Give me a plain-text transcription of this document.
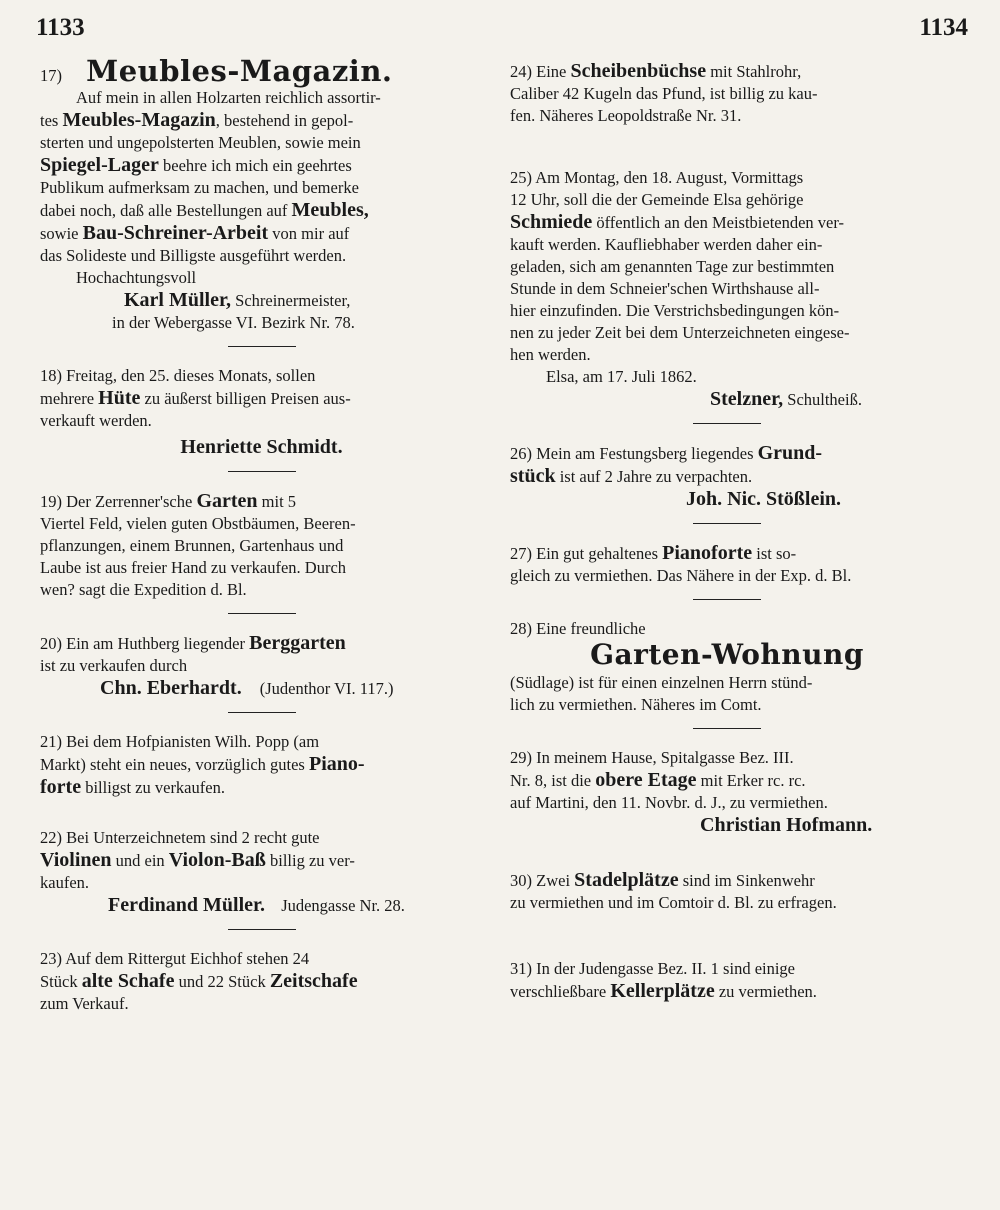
1133	1134
17) Meubles-Magazin.
Auf mein in allen Holzarten reichlich assortir-
tes Meubles-Magazin, bestehend in gepol-
sterten und ungepolsterten Meublen, sowie mein
Spiegel-Lager beehre ich mich ein geehrtes
Publikum aufmerksam zu machen, und bemerke
dabei noch, daß alle Bestellungen auf Meubles,
sowie Bau-Schreiner-Arbeit von mir auf
das Solideste und Billigste ausgeführt werden.
Hochachtungsvoll
Karl Müller, Schreinermeister,
in der Webergasse VI. Bezirk Nr. 78.
18) Freitag, den 25. dieses Monats, sollen
mehrere Hüte zu äußerst billigen Preisen aus-
verkauft werden.
Henriette Schmidt.
19) Der Zerrenner'sche Garten mit 5
Viertel Feld, vielen guten Obstbäumen, Beeren-
pflanzungen, einem Brunnen, Gartenhaus und
Laube ist aus freier Hand zu verkaufen. Durch
wen? sagt die Expedition d. Bl.
20) Ein am Huthberg liegender Berggarten
ist zu verkaufen durch
Chn. Eberhardt. (Judenthor VI. 117.)
21) Bei dem Hofpianisten Wilh. Popp (am
Markt) steht ein neues, vorzüglich gutes Piano-
forte billigst zu verkaufen.
22) Bei Unterzeichnetem sind 2 recht gute
Violinen und ein Violon-Baß billig zu ver-
kaufen.
Ferdinand Müller. Judengasse Nr. 28.
23) Auf dem Rittergut Eichhof stehen 24
Stück alte Schafe und 22 Stück Zeitschafe
zum Verkauf.
24) Eine Scheibenbüchse mit Stahlrohr,
Caliber 42 Kugeln das Pfund, ist billig zu kau-
fen. Näheres Leopoldstraße Nr. 31.
25) Am Montag, den 18. August, Vormittags
12 Uhr, soll die der Gemeinde Elsa gehörige
Schmiede öffentlich an den Meistbietenden ver-
kauft werden. Kaufliebhaber werden daher ein-
geladen, sich am genannten Tage zur bestimmten
Stunde in dem Schneier'schen Wirthshause all-
hier einzufinden. Die Verstrichsbedingungen kön-
nen zu jeder Zeit bei dem Unterzeichneten eingese-
hen werden.
Elsa, am 17. Juli 1862.
Stelzner, Schultheiß.
26) Mein am Festungsberg liegendes Grund-
stück ist auf 2 Jahre zu verpachten.
Joh. Nic. Stößlein.
27) Ein gut gehaltenes Pianoforte ist so-
gleich zu vermiethen. Das Nähere in der Exp. d. Bl.
28) Eine freundliche
Garten-Wohnung
(Südlage) ist für einen einzelnen Herrn stünd-
lich zu vermiethen. Näheres im Comt.
29) In meinem Hause, Spitalgasse Bez. III.
Nr. 8, ist die obere Etage mit Erker rc. rc.
auf Martini, den 11. Novbr. d. J., zu vermiethen.
Christian Hofmann.
30) Zwei Stadelplätze sind im Sinkenwehr
zu vermiethen und im Comtoir d. Bl. zu erfragen.
31) In der Judengasse Bez. II. 1 sind einige
verschließbare Kellerplätze zu vermiethen.
